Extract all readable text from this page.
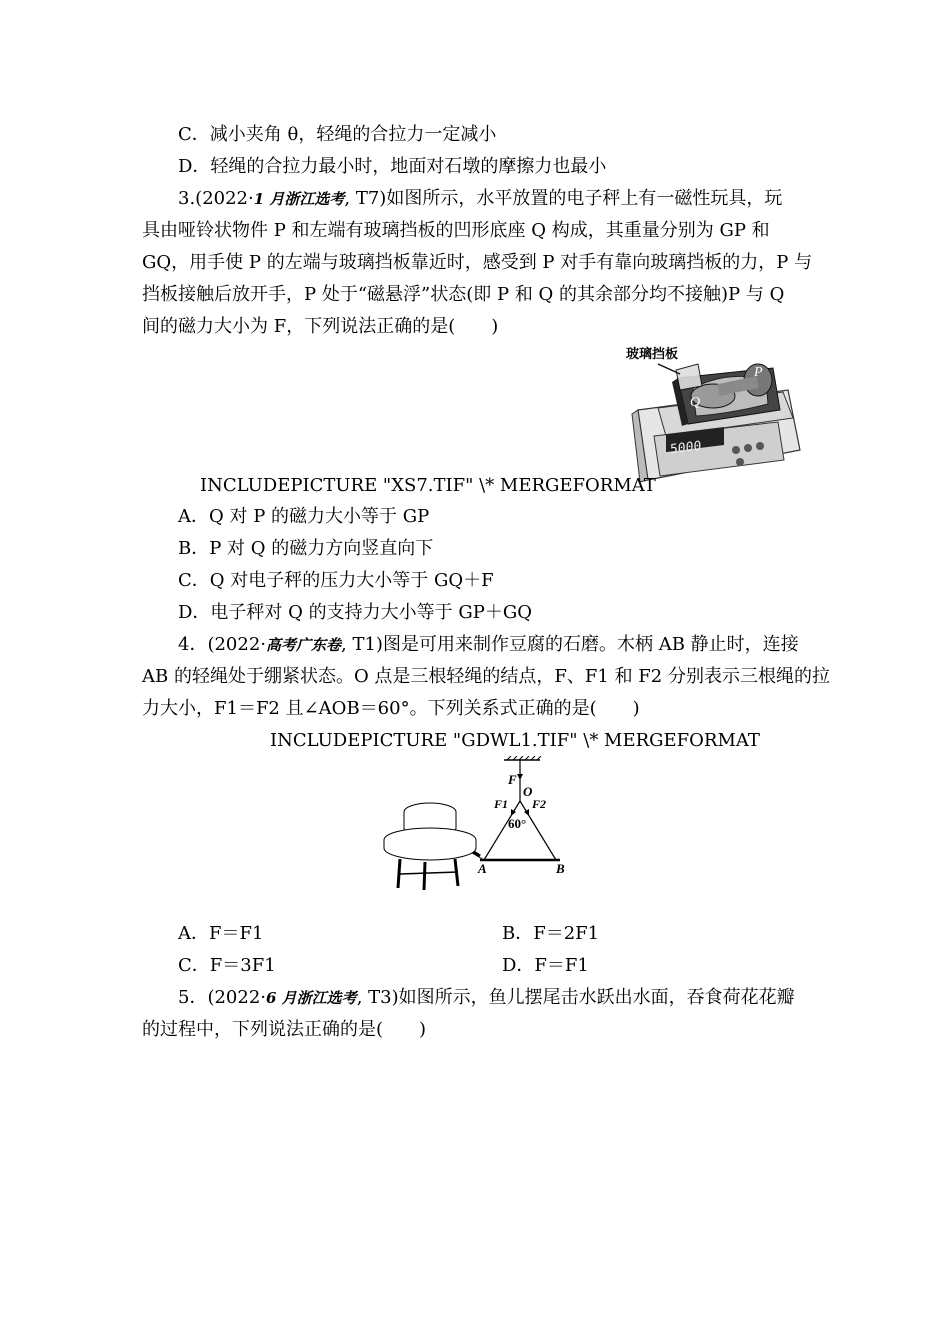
C．减小夹角 θ，轻绳的合拉力一定减小
D．轻绳的合拉力最小时，地面对石墩的摩擦力也最小
3.(2022·1 月浙江选考, T7)如图所示，水平放置的电子秤上有一磁性玩具，玩
具由哑铃状物件 P 和左端有玻璃挡板的凹形底座 Q 构成，其重量分别为 GP 和
GQ，用手使 P 的左端与玻璃挡板靠近时，感受到 P 对手有靠向玻璃挡板的力，P 与
挡板接触后放开手，P 处于“磁悬浮”状态(即 P 和 Q 的其余部分均不接触)P 与 Q
间的磁力大小为 F，下列说法正确的是(　　)
5000
Q
P
玻璃挡板
INCLUDEPICTURE "XS7.TIF" \* MERGEFORMAT
A．Q 对 P 的磁力大小等于 GP
B．P 对 Q 的磁力方向竖直向下
C．Q 对电子秤的压力大小等于 GQ＋F
D．电子秤对 Q 的支持力大小等于 GP＋GQ
4．(2022·高考广东卷, T1)图是可用来制作豆腐的石磨。木柄 AB 静止时，连接
AB 的轻绳处于绷紧状态。O 点是三根轻绳的结点，F、F1 和 F2 分别表示三根绳的拉
力大小，F1＝F2 且∠AOB＝60°。下列关系式正确的是(　　)
INCLUDEPICTURE "GDWL1.TIF" \* MERGEFORMAT
F
O
F1 F2
60°
A	B
A．F＝F1	B．F＝2F1
C．F＝3F1	D．F＝F1
5．(2022·6 月浙江选考, T3)如图所示，鱼儿摆尾击水跃出水面，吞食荷花花瓣
的过程中，下列说法正确的是(　　)
